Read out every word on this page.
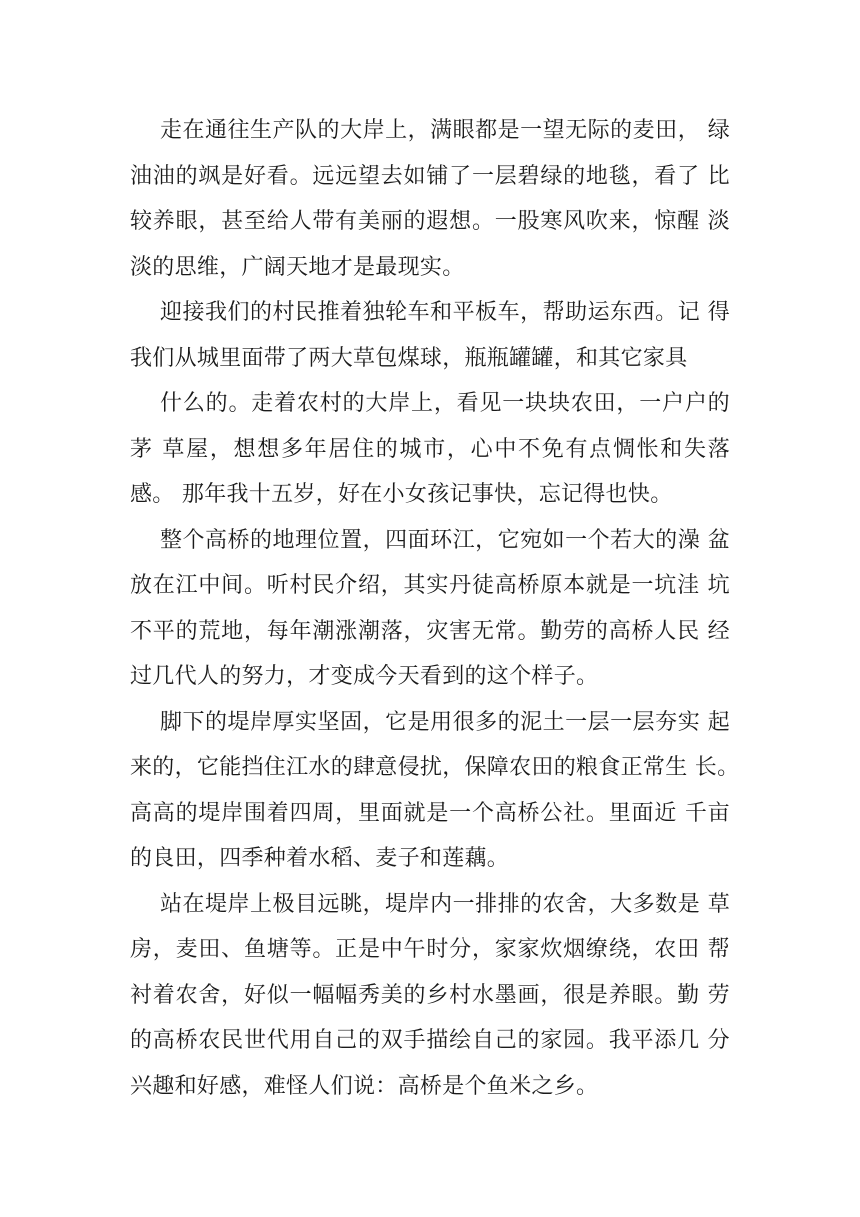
走在通往生产队的大岸上，满眼都是一望无际的麦田， 绿
油油的飒是好看。远远望去如铺了一层碧绿的地毯，看了 比
较养眼，甚至给人带有美丽的遐想。一股寒风吹来，惊醒 淡
淡的思维，广阔天地才是最现实。
迎接我们的村民推着独轮车和平板车，帮助运东西。记 得
我们从城里面带了两大草包煤球，瓶瓶罐罐，和其它家具
什么的。走着农村的大岸上，看见一块块农田，一户户的
茅 草屋，想想多年居住的城市，心中不免有点惆怅和失落
感。 那年我十五岁，好在小女孩记事快，忘记得也快。
整个高桥的地理位置，四面环江，它宛如一个若大的澡 盆
放在江中间。听村民介绍，其实丹徒高桥原本就是一坑洼 坑
不平的荒地，每年潮涨潮落，灾害无常。勤劳的高桥人民 经
过几代人的努力，才变成今天看到的这个样子。
脚下的堤岸厚实坚固，它是用很多的泥土一层一层夯实 起
来的，它能挡住江水的肆意侵扰，保障农田的粮食正常生 长。
高高的堤岸围着四周，里面就是一个高桥公社。里面近 千亩
的良田，四季种着水稻、麦子和莲藕。
站在堤岸上极目远眺，堤岸内一排排的农舍，大多数是 草
房，麦田、鱼塘等。正是中午时分，家家炊烟缭绕，农田 帮
衬着农舍，好似一幅幅秀美的乡村水墨画，很是养眼。勤 劳
的高桥农民世代用自己的双手描绘自己的家园。我平添几 分
兴趣和好感，难怪人们说：高桥是个鱼米之乡。
